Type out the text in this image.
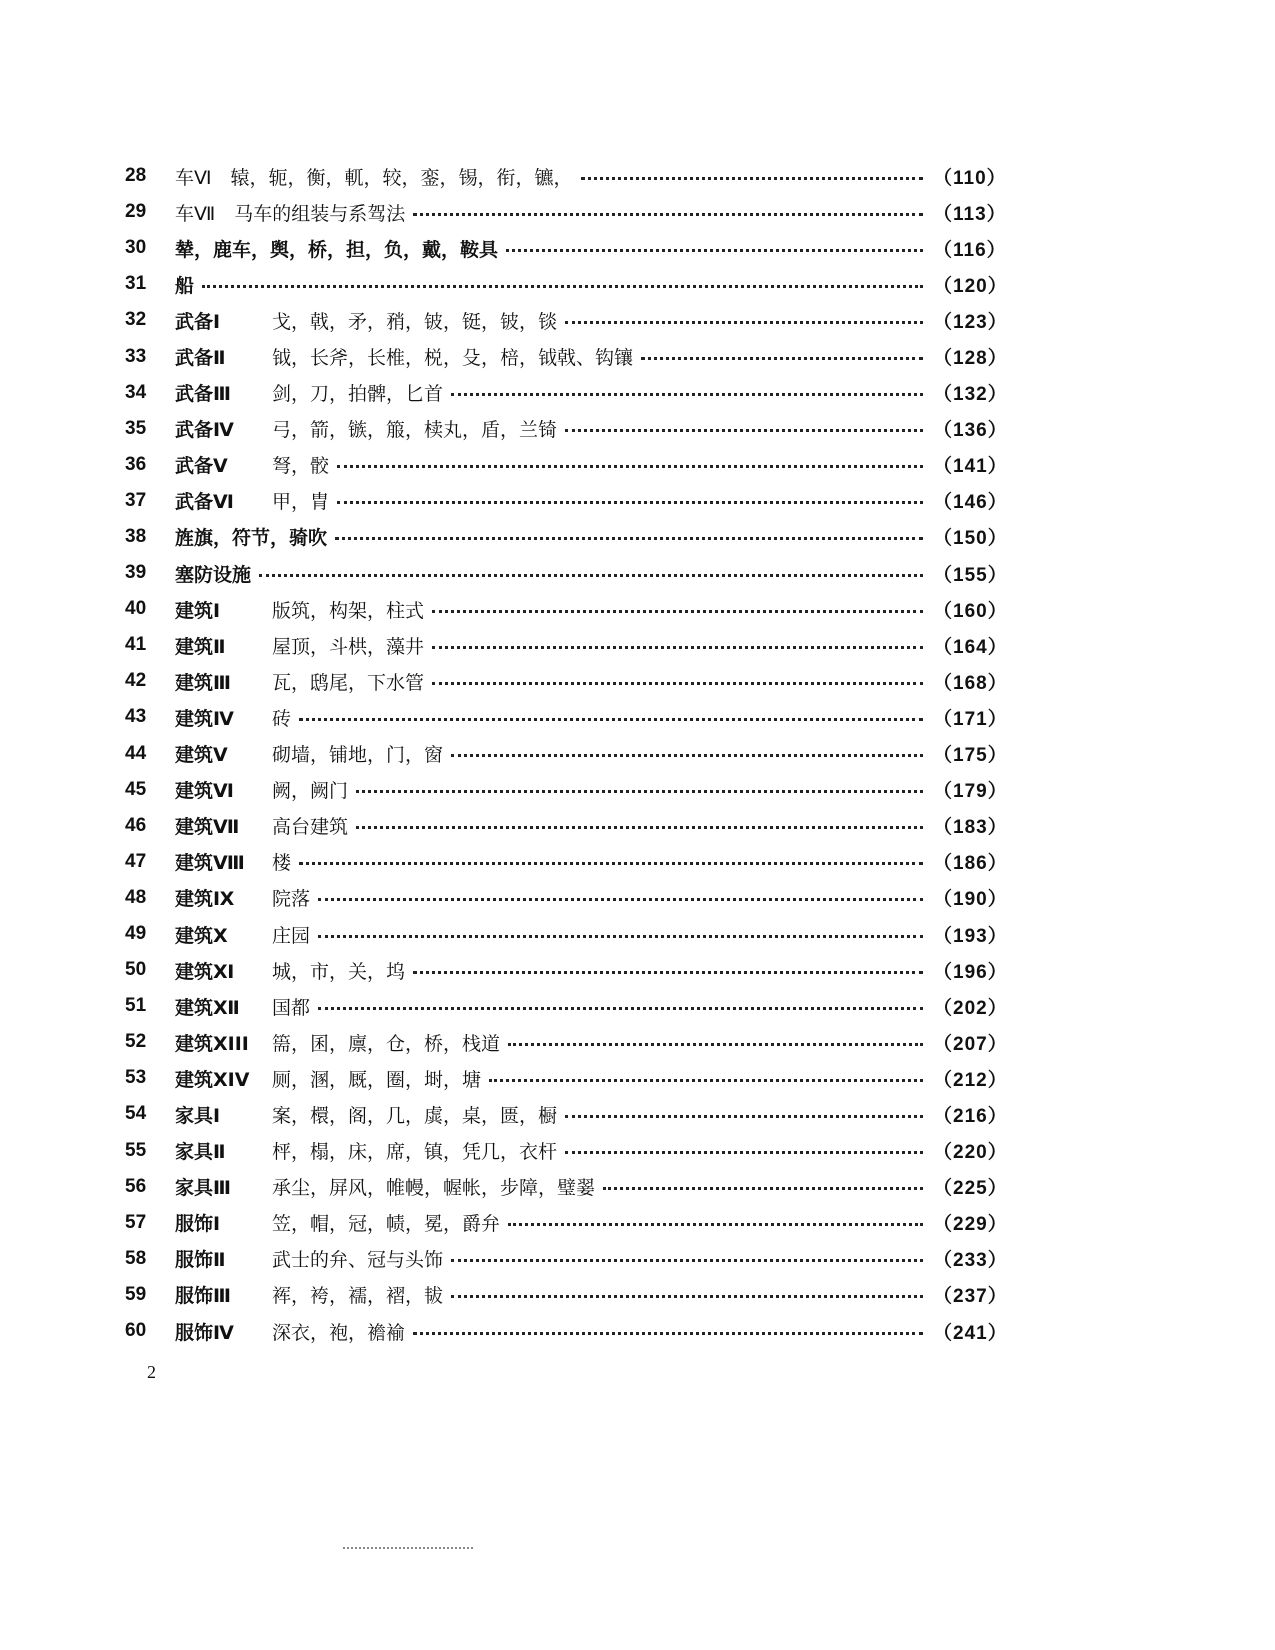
28	车Ⅵ　辕，轭，衡，軏，较，銮，锡，衔，镳，	（110）
29	车Ⅶ　马车的组装与系驾法	（113）
30	辇，鹿车，舆，桥，担，负，戴，鞍具	（116）
31	船	（120）
32	武备Ⅰ	戈，戟，矛，矟，铍，铤，铍，锬	（123）
33	武备Ⅱ	钺，长斧，长椎，棁，殳，棓，钺戟、钩镶	（128）
34	武备Ⅲ	剑，刀，拍髀，匕首	（132）
35	武备Ⅳ	弓，箭，镞，箙，椟丸，盾，兰锜	（136）
36	武备Ⅴ	弩，骹	（141）
37	武备Ⅵ	甲，胄	（146）
38	旌旗，符节，骑吹	（150）
39	塞防设施	（155）
40	建筑Ⅰ	版筑，构架，柱式	（160）
41	建筑Ⅱ	屋顶，斗栱，藻井	（164）
42	建筑Ⅲ	瓦，鸱尾，下水管	（168）
43	建筑Ⅳ	砖	（171）
44	建筑Ⅴ	砌墙，铺地，门，窗	（175）
45	建筑Ⅵ	阙，阙门	（179）
46	建筑Ⅶ	高台建筑	（183）
47	建筑Ⅷ	楼	（186）
48	建筑Ⅸ	院落	（190）
49	建筑Ⅹ	庄园	（193）
50	建筑Ⅺ	城，市，关，坞	（196）
51	建筑Ⅻ	国都	（202）
52	建筑XIII	篅，囷，廪，仓，桥，栈道	（207）
53	建筑XIV	厕，溷，厩，圈，埘，塘	（212）
54	家具Ⅰ	案，檈，阁，几，虡，桌，匮，橱	（216）
55	家具Ⅱ	枰，榻，床，席，镇，凭几，衣杆	（220）
56	家具Ⅲ	承尘，屏风，帷幔，幄帐，步障，璧翣	（225）
57	服饰Ⅰ	笠，帽，冠，帻，冕，爵弁	（229）
58	服饰Ⅱ	武士的弁、冠与头饰	（233）
59	服饰Ⅲ	裈，袴，襦，褶，韨	（237）
60	服饰Ⅳ	深衣，袍，襜褕	（241）
2
